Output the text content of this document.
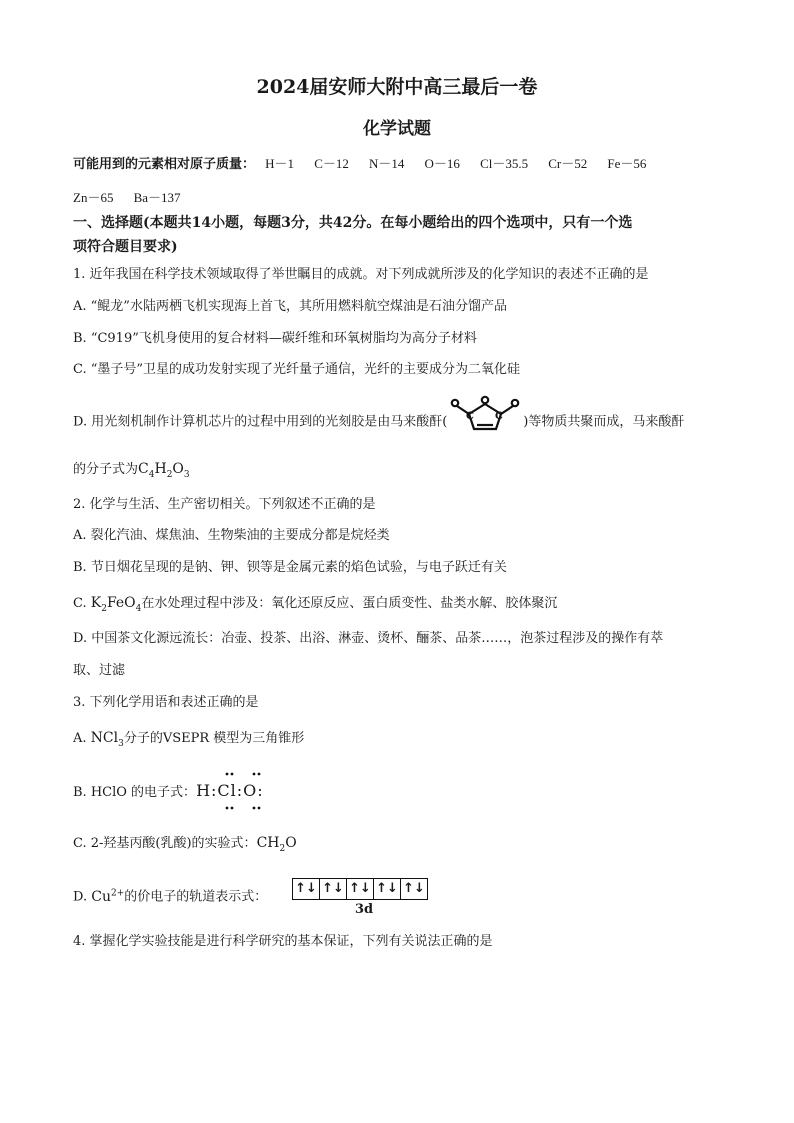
2024届安师大附中高三最后一卷
化学试题
可能用到的元素相对原子质量： H－1 C－12 N－14 O－16 Cl－35.5 Cr－52 Fe－56
Zn－65 Ba－137
一、选择题(本题共14小题，每题3分，共42分。在每小题给出的四个选项中，只有一个选
项符合题目要求)
1. 近年我国在科学技术领域取得了举世瞩目的成就。对下列成就所涉及的化学知识的表述不正确的是
A. “鲲龙”水陆两栖飞机实现海上首飞，其所用燃料航空煤油是石油分馏产品
B. “C919”飞机身使用的复合材料—碳纤维和环氧树脂均为高分子材料
C. “墨子号”卫星的成功发射实现了光纤量子通信，光纤的主要成分为二氧化硅
D. 用光刻机制作计算机芯片的过程中用到的光刻胶是由马来酸酐( C C )等物质共聚而成，马来酸酐
的分子式为$C_4H_2O_3$
2. 化学与生活、生产密切相关。下列叙述不正确的是
A. 裂化汽油、煤焦油、生物柴油的主要成分都是烷烃类
B. 节日烟花呈现的是钠、钾、钡等是金属元素的焰色试验，与电子跃迁有关
C. $K_2FeO_4$在水处理过程中涉及：氧化还原反应、蛋白质变性、盐类水解、胶体聚沉
D. 中国茶文化源远流长：冶壶、投茶、出浴、淋壶、烫杯、酾茶、品茶……，泡茶过程涉及的操作有萃
取、过滤
3. 下列化学用语和表述正确的是
A. NCl$_3$分子的VSEPR 模型为三角锥形
B. HClO 的电子式：H:Cl:O:
C. 2-羟基丙酸(乳酸)的实验式：$CH_2O$
D. $Cu^{2+}$的价电子的轨道表示式：
↑↓ ↑↓ ↑↓ ↑↓ ↑↓
3d
4. 掌握化学实验技能是进行科学研究的基本保证，下列有关说法正确的是
